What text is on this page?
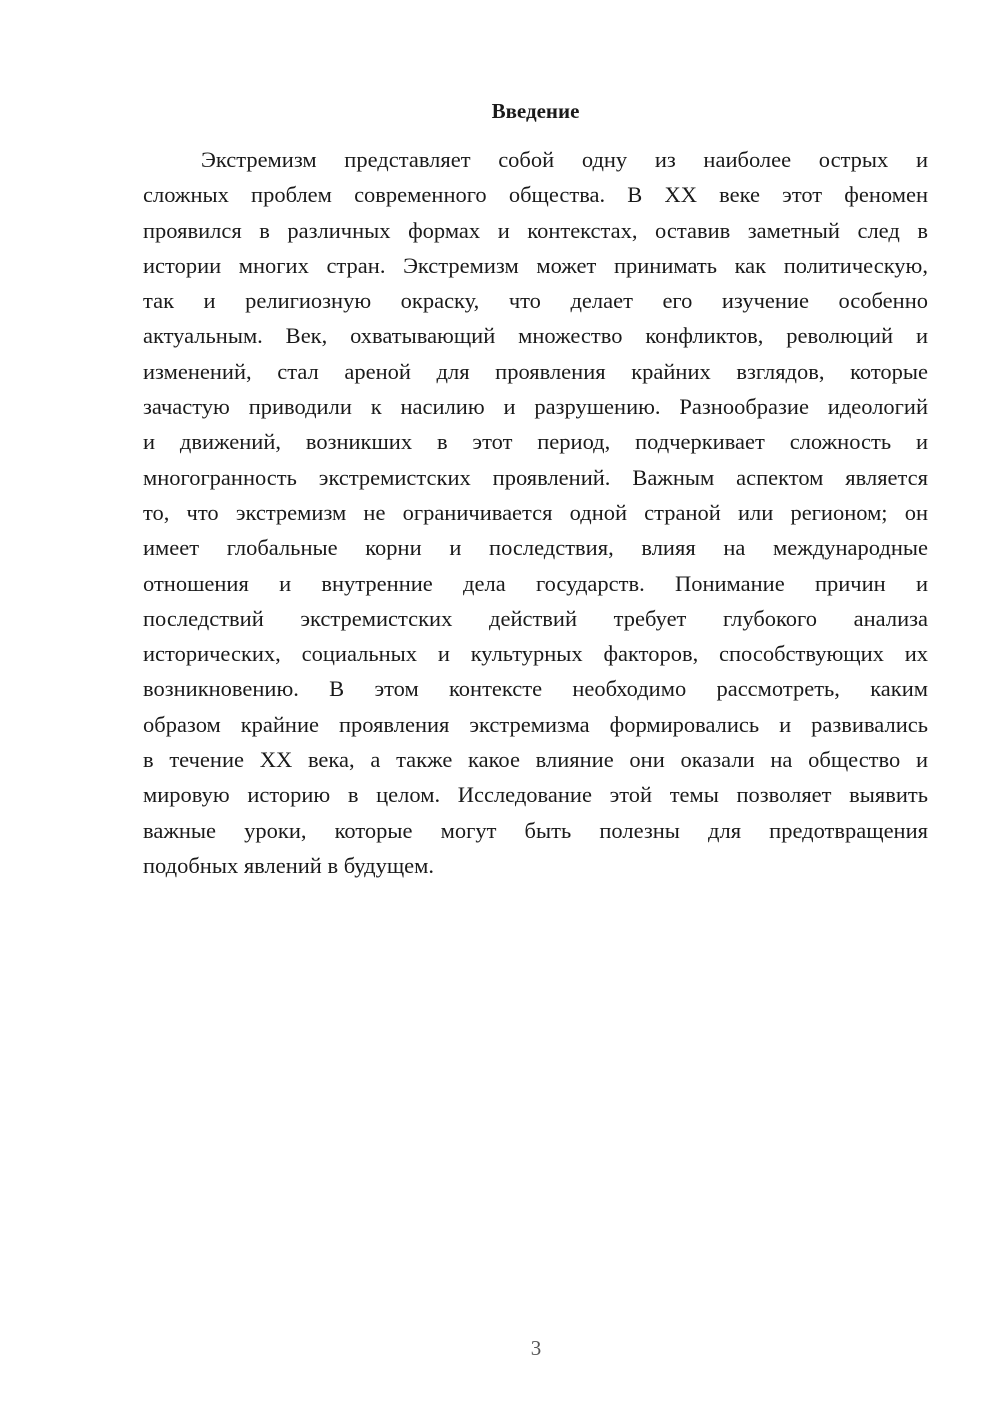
Введение
Экстремизм представляет собой одну из наиболее острых и
сложных проблем современного общества. В XX веке этот феномен
проявился в различных формах и контекстах, оставив заметный след в
истории многих стран. Экстремизм может принимать как политическую,
так и религиозную окраску, что делает его изучение особенно
актуальным. Век, охватывающий множество конфликтов, революций и
изменений, стал ареной для проявления крайних взглядов, которые
зачастую приводили к насилию и разрушению. Разнообразие идеологий
и движений, возникших в этот период, подчеркивает сложность и
многогранность экстремистских проявлений. Важным аспектом является
то, что экстремизм не ограничивается одной страной или регионом; он
имеет глобальные корни и последствия, влияя на международные
отношения и внутренние дела государств. Понимание причин и
последствий экстремистских действий требует глубокого анализа
исторических, социальных и культурных факторов, способствующих их
возникновению. В этом контексте необходимо рассмотреть, каким
образом крайние проявления экстремизма формировались и развивались
в течение XX века, а также какое влияние они оказали на общество и
мировую историю в целом. Исследование этой темы позволяет выявить
важные уроки, которые могут быть полезны для предотвращения
подобных явлений в будущем.
3
